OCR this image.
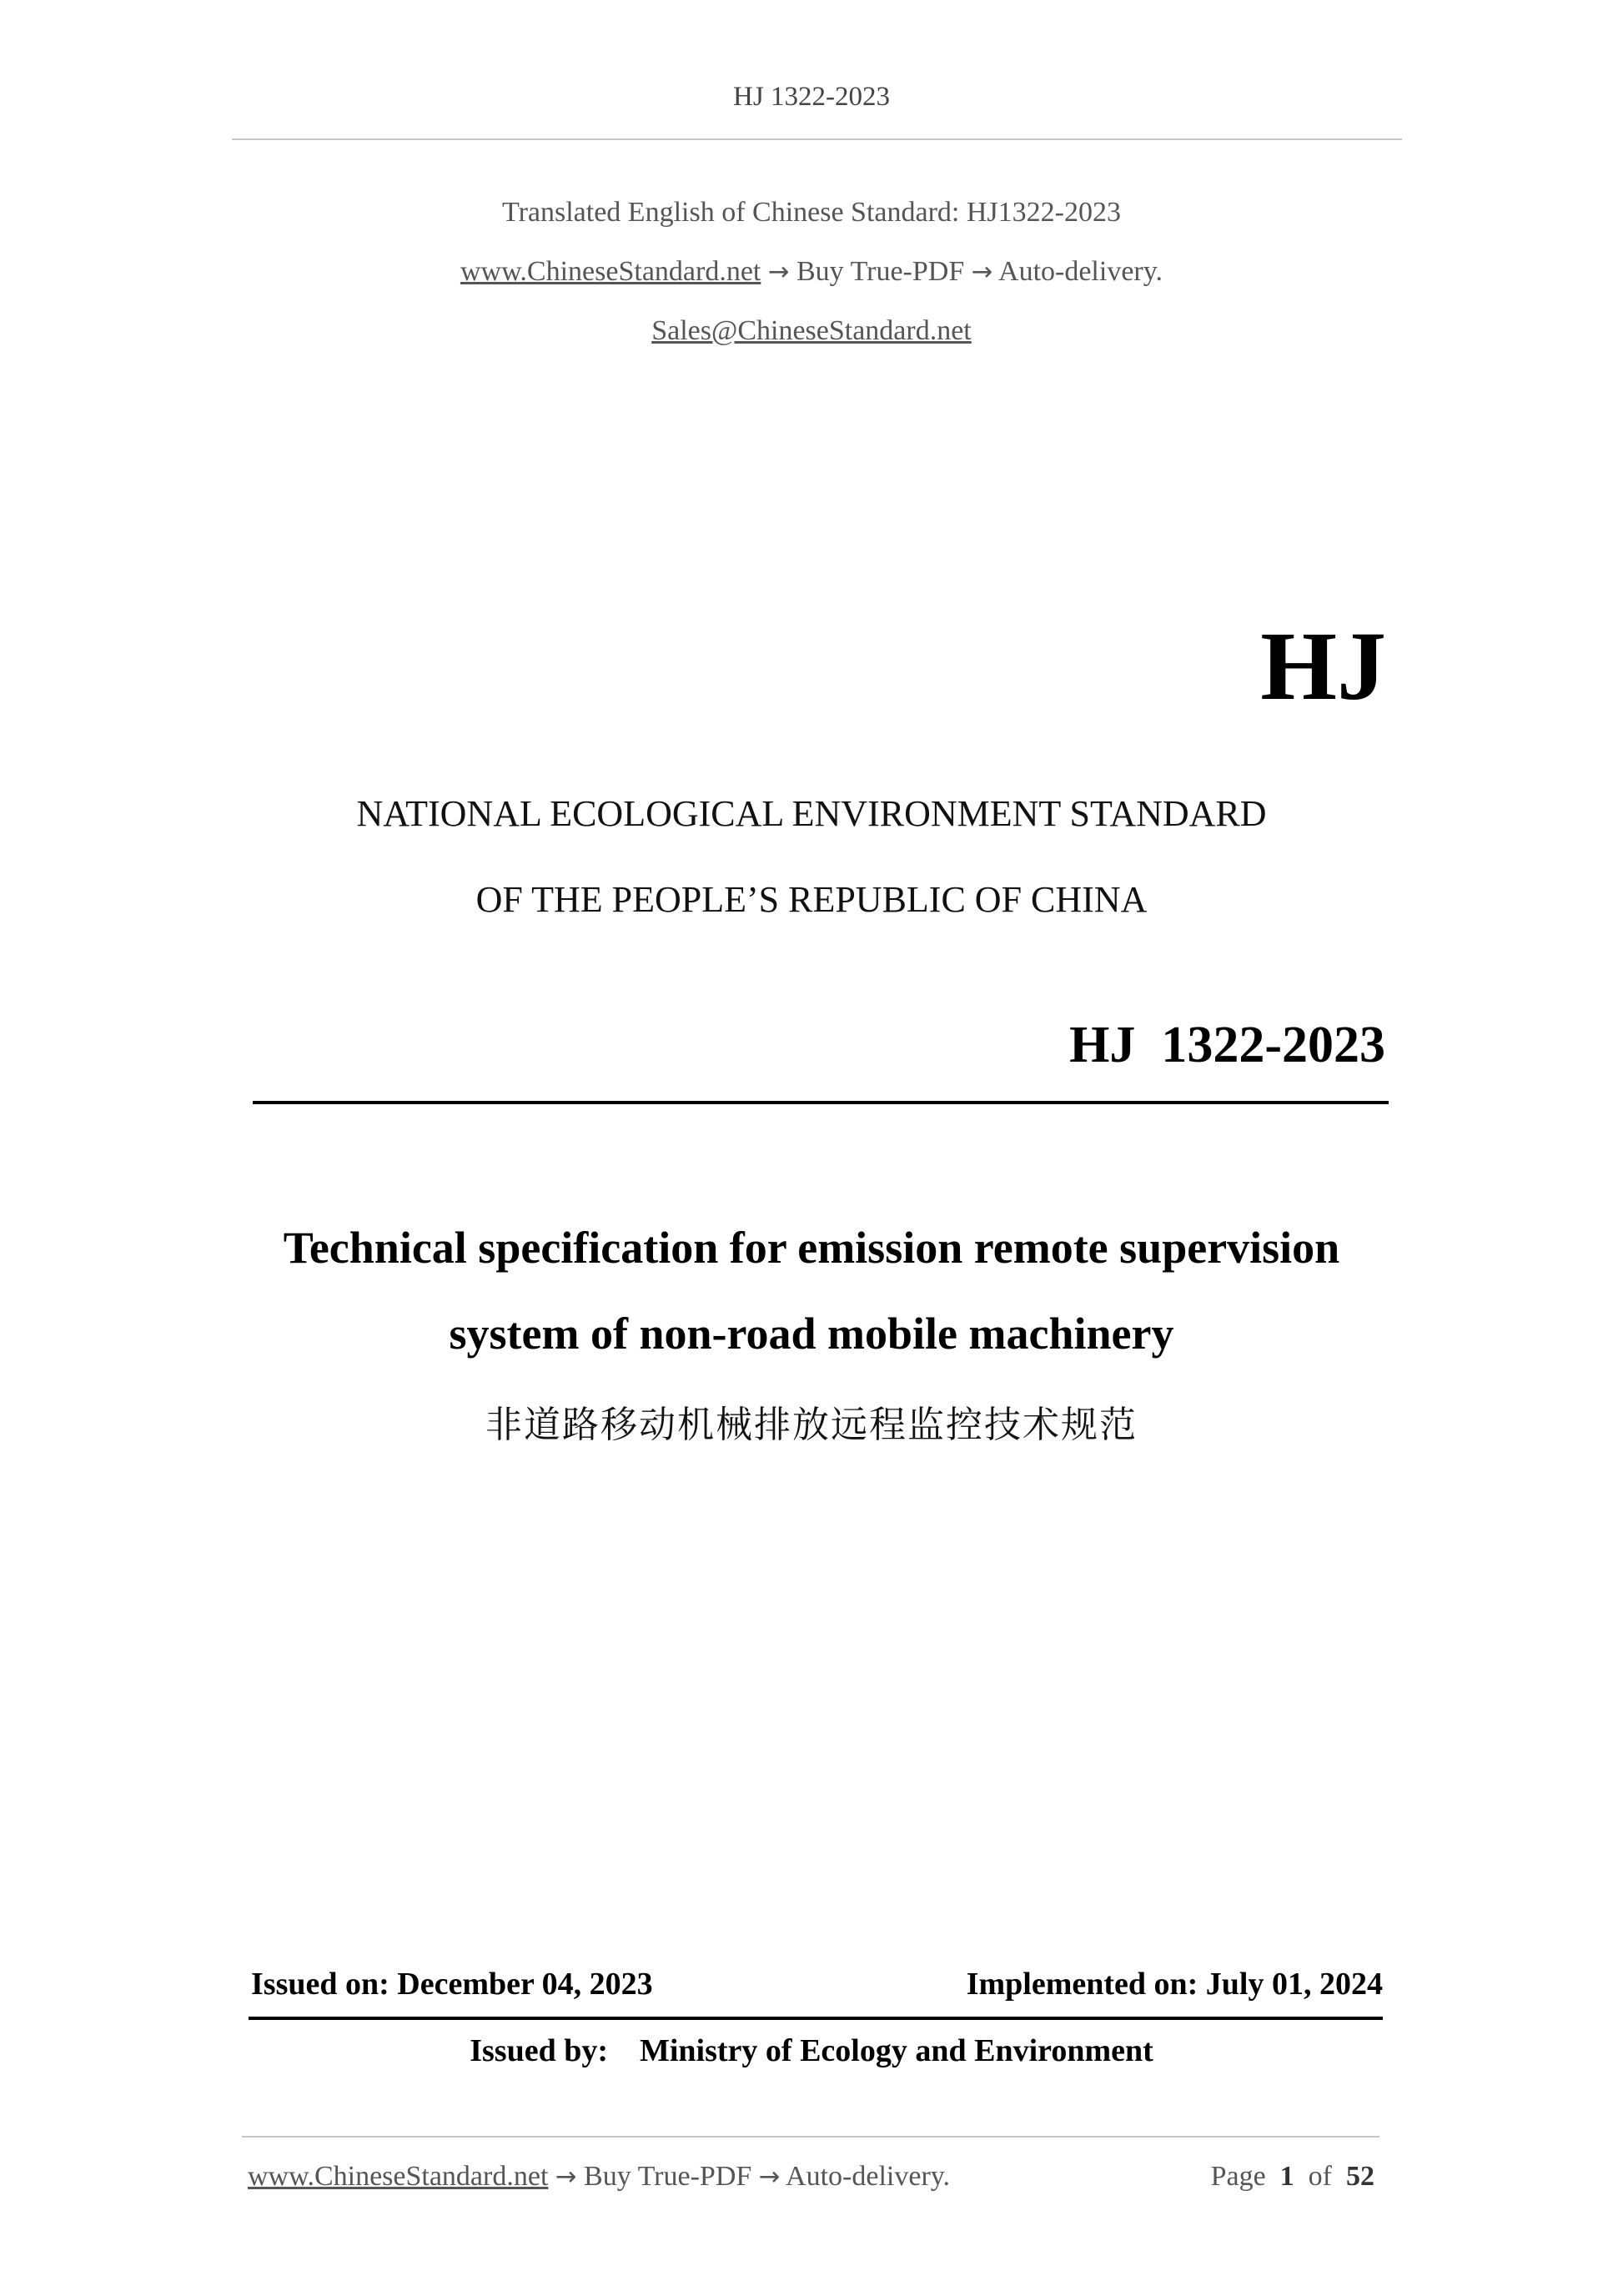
HJ 1322-2023
Translated English of Chinese Standard: HJ1322-2023
www.ChineseStandard.net → Buy True-PDF → Auto-delivery.
Sales@ChineseStandard.net
HJ
NATIONAL ECOLOGICAL ENVIRONMENT STANDARD
OF THE PEOPLE’S REPUBLIC OF CHINA
HJ  1322-2023
Technical specification for emission remote supervision
system of non-road mobile machinery
非道路移动机械排放远程监控技术规范
Issued on: December 04, 2023	Implemented on: July 01, 2024
Issued by: Ministry of Ecology and Environment
www.ChineseStandard.net → Buy True-PDF → Auto-delivery.	Page 1 of 52
